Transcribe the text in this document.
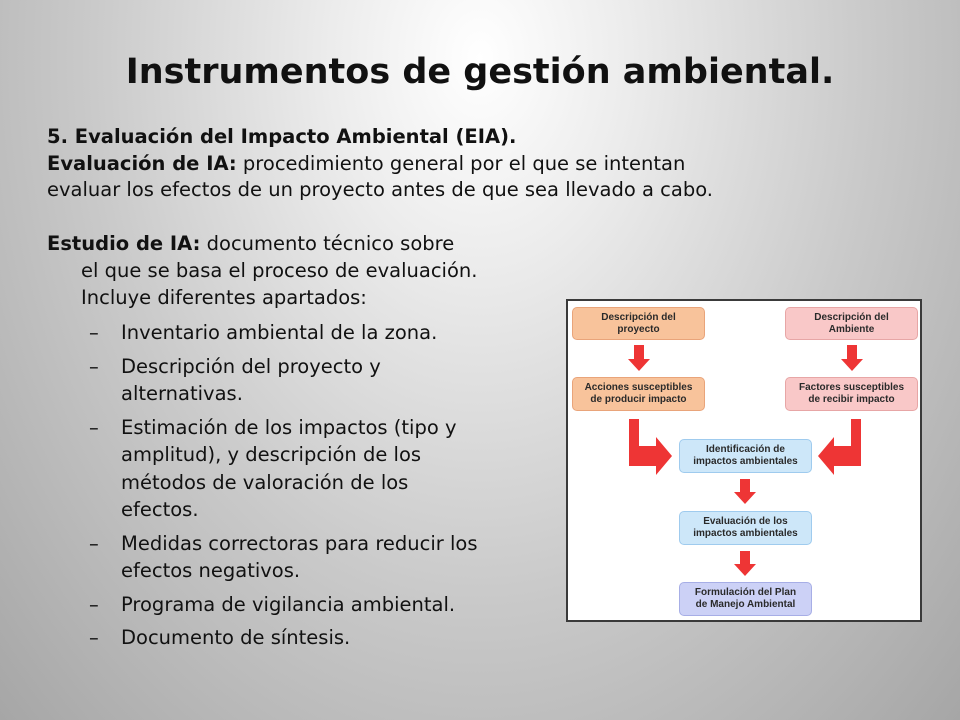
Instrumentos de gestión ambiental.
5. Evaluación del Impacto Ambiental (EIA).
Evaluación de IA: procedimiento general por el que se intentan
evaluar los efectos de un proyecto antes de que sea llevado a cabo.
Estudio de IA: documento técnico sobre
el que se basa el proceso de evaluación.
Incluye diferentes apartados:
– Inventario ambiental de la zona.
– Descripción del proyecto y
alternativas.
– Estimación de los impactos (tipo y
amplitud), y descripción de los
métodos de valoración de los
efectos.
– Medidas correctoras para reducir los
efectos negativos.
– Programa de vigilancia ambiental.
– Documento de síntesis.
Descripción del
proyecto
Descripción del
Ambiente
Acciones susceptibles
de producir impacto
Factores susceptibles
de recibir impacto
Identificación de
impactos ambientales
Evaluación de los
impactos ambientales
Formulación del Plan
de Manejo Ambiental
